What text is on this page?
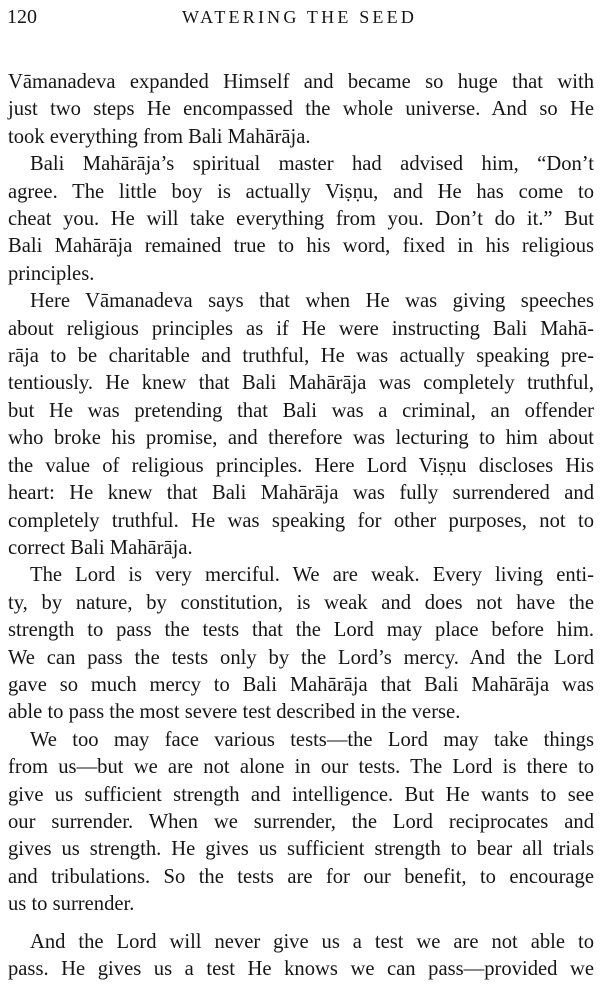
120	WATERING THE SEED
Vāmanadeva expanded Himself and became so huge that with
just two steps He encompassed the whole universe. And so He
took everything from Bali Mahārāja.
Bali Mahārāja’s spiritual master had advised him, “Don’t
agree. The little boy is actually Viṣṇu, and He has come to
cheat you. He will take everything from you. Don’t do it.” But
Bali Mahārāja remained true to his word, fixed in his religious
principles.
Here Vāmanadeva says that when He was giving speeches
about religious principles as if He were instructing Bali Mahā-
rāja to be charitable and truthful, He was actually speaking pre-
tentiously. He knew that Bali Mahārāja was completely truthful,
but He was pretending that Bali was a criminal, an offender
who broke his promise, and therefore was lecturing to him about
the value of religious principles. Here Lord Viṣṇu discloses His
heart: He knew that Bali Mahārāja was fully surrendered and
completely truthful. He was speaking for other purposes, not to
correct Bali Mahārāja.
The Lord is very merciful. We are weak. Every living enti-
ty, by nature, by constitution, is weak and does not have the
strength to pass the tests that the Lord may place before him.
We can pass the tests only by the Lord’s mercy. And the Lord
gave so much mercy to Bali Mahārāja that Bali Mahārāja was
able to pass the most severe test described in the verse.
We too may face various tests—the Lord may take things
from us—but we are not alone in our tests. The Lord is there to
give us sufficient strength and intelligence. But He wants to see
our surrender. When we surrender, the Lord reciprocates and
gives us strength. He gives us sufficient strength to bear all trials
and tribulations. So the tests are for our benefit, to encourage
us to surrender.
And the Lord will never give us a test we are not able to
pass. He gives us a test He knows we can pass—provided we
